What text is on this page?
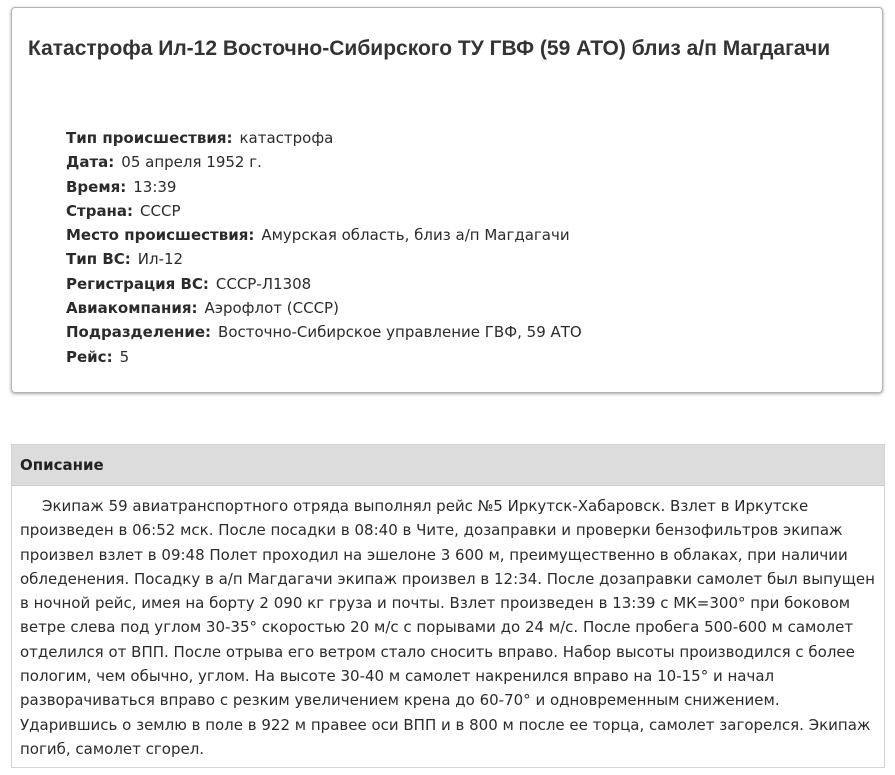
Катастрофа Ил-12 Восточно-Сибирского ТУ ГВФ (59 АТО) близ а/п Магдагачи
Тип происшествия: катастрофа
Дата: 05 апреля 1952 г.
Время: 13:39
Страна: СССР
Место происшествия: Амурская область, близ а/п Магдагачи
Тип ВС: Ил-12
Регистрация ВС: СССР-Л1308
Авиакомпания: Аэрофлот (СССР)
Подразделение: Восточно-Сибирское управление ГВФ, 59 АТО
Рейс: 5
Описание

Экипаж 59 авиатранспортного отряда выполнял рейс №5 Иркутск-Хабаровск. Взлет в Иркутске произведен в 06:52 мск. После посадки в 08:40 в Чите, дозаправки и проверки бензофильтров экипаж произвел взлет в 09:48 Полет проходил на эшелоне 3 600 м, преимущественно в облаках, при наличии обледенения. Посадку в а/п Магдагачи экипаж произвел в 12:34. После дозаправки самолет был выпущен в ночной рейс, имея на борту 2 090 кг груза и почты. Взлет произведен в 13:39 с МК=300° при боковом ветре слева под углом 30-35° скоростью 20 м/с с порывами до 24 м/с. После пробега 500-600 м самолет отделился от ВПП. После отрыва его ветром стало сносить вправо. Набор высоты производился с более пологим, чем обычно, углом. На высоте 30-40 м самолет накренился вправо на 10-15° и начал разворачиваться вправо с резким увеличением крена до 60-70° и одновременным снижением. Ударившись о землю в поле в 922 м правее оси ВПП и в 800 м после ее торца, самолет загорелся. Экипаж погиб, самолет сгорел.
